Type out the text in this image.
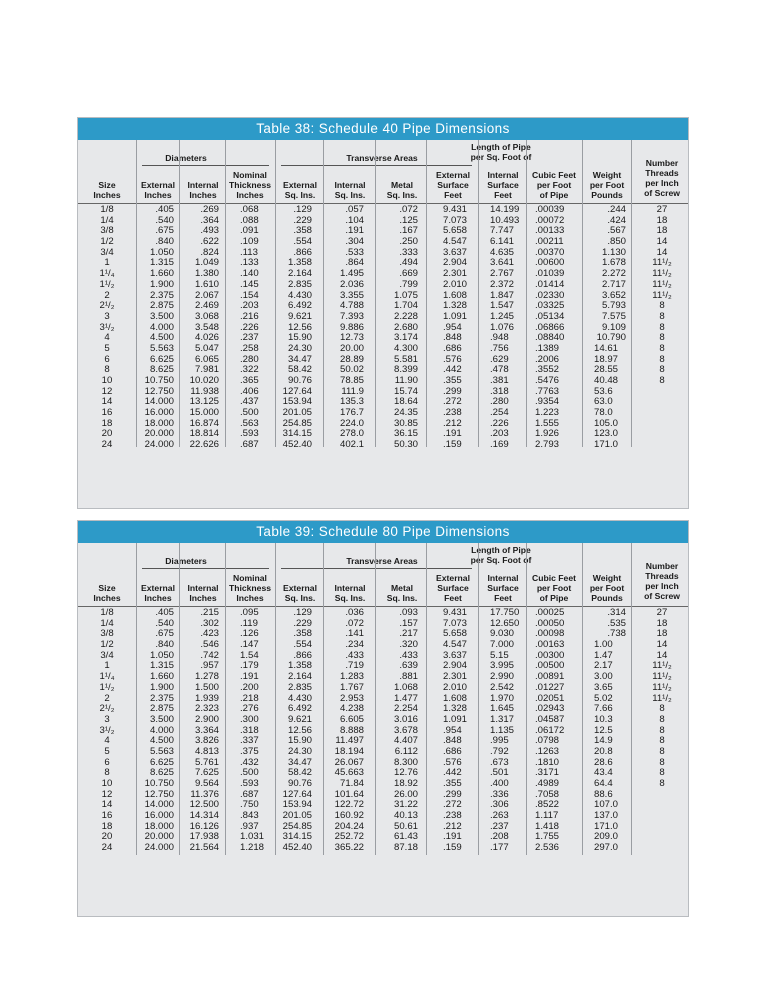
Table 38: Schedule 40 Pipe Dimensions
Diameters	Transverse Areas
Length of Pipe
per Sq. Foot of
Size
Inches
External
Inches
Internal
Inches
Nominal
Thickness
Inches
External
Sq. Ins.
Internal
Sq. Ins.
Metal
Sq. Ins.
External
Surface
Feet
Internal
Surface
Feet
Cubic Feet
per Foot
of Pipe
Weight
per Foot
Pounds
Number
Threads
per Inch
of Screw
1/8
1/4
3/8
1/2
3/4
1
1¹/₄
1¹/₂
2
2¹/₂
3
3¹/₂
4
5
6
8
10
12
14
16
18
20
24
.405
.540
.675
.840
1.050
1.315
1.660
1.900
2.375
2.875
3.500
4.000
4.500
5.563
6.625
8.625
10.750
12.750
14.000
16.000
18.000
20.000
24.000
.269
.364
.493
.622
.824
1.049
1.380
1.610
2.067
2.469
3.068
3.548
4.026
5.047
6.065
7.981
10.020
11.938
13.125
15.000
16.874
18.814
22.626
.068
.088
.091
.109
.113
.133
.140
.145
.154
.203
.216
.226
.237
.258
.280
.322
.365
.406
.437
.500
.563
.593
.687
.129
.229
.358
.554
.866
1.358
2.164
2.835
4.430
6.492
9.621
12.56
15.90
24.30
34.47
58.42
90.76
127.64
153.94
201.05
254.85
314.15
452.40
.057
.104
.191
.304
.533
.864
1.495
2.036
3.355
4.788
7.393
9.886
12.73
20.00
28.89
50.02
78.85
111.9
135.3
176.7
224.0
278.0
402.1
.072
.125
.167
.250
.333
.494
.669
.799
1.075
1.704
2.228
2.680
3.174
4.300
5.581
8.399
11.90
15.74
18.64
24.35
30.85
36.15
50.30
9.431
7.073
5.658
4.547
3.637
2.904
2.301
2.010
1.608
1.328
1.091
.954
.848
.686
.576
.442
.355
.299
.272
.238
.212
.191
.159
14.199
10.493
7.747
6.141
4.635
3.641
2.767
2.372
1.847
1.547
1.245
1.076
.948
.756
.629
.478
.381
.318
.280
.254
.226
.203
.169
.00039
.00072
.00133
.00211
.00370
.00600
.01039
.01414
.02330
.03325
.05134
.06866
.08840
.1389
.2006
.3552
.5476
.7763
.9354
1.223
1.555
1.926
2.793
.244
.424
.567
.850
1.130
1.678
2.272
2.717
3.652
5.793
7.575
9.109
10.790
14.61
18.97
28.55
40.48
53.6
63.0
78.0
105.0
123.0
171.0
27
18
18
14
14
11¹/₂
11¹/₂
11¹/₂
11¹/₂
8
8
8
8
8
8
8
8
Table 39: Schedule 80 Pipe Dimensions
Diameters	Transverse Areas
Length of Pipe
per Sq. Foot of
Size
Inches
External
Inches
Internal
Inches
Nominal
Thickness
Inches
External
Sq. Ins.
Internal
Sq. Ins.
Metal
Sq. Ins.
External
Surface
Feet
Internal
Surface
Feet
Cubic Feet
per Foot
of Pipe
Weight
per Foot
Pounds
Number
Threads
per Inch
of Screw
1/8
1/4
3/8
1/2
3/4
1
1¹/₄
1¹/₂
2
2¹/₂
3
3¹/₂
4
5
6
8
10
12
14
16
18
20
24
.405
.540
.675
.840
1.050
1.315
1.660
1.900
2.375
2.875
3.500
4.000
4.500
5.563
6.625
8.625
10.750
12.750
14.000
16.000
18.000
20.000
24.000
.215
.302
.423
.546
.742
.957
1.278
1.500
1.939
2.323
2.900
3.364
3.826
4.813
5.761
7.625
9.564
11.376
12.500
14.314
16.126
17.938
21.564
.095
.119
.126
.147
1.54
.179
.191
.200
.218
.276
.300
.318
.337
.375
.432
.500
.593
.687
.750
.843
.937
1.031
1.218
.129
.229
.358
.554
.866
1.358
2.164
2.835
4.430
6.492
9.621
12.56
15.90
24.30
34.47
58.42
90.76
127.64
153.94
201.05
254.85
314.15
452.40
.036
.072
.141
.234
.433
.719
1.283
1.767
2.953
4.238
6.605
8.888
11.497
18.194
26.067
45.663
71.84
101.64
122.72
160.92
204.24
252.72
365.22
.093
.157
.217
.320
.433
.639
.881
1.068
1.477
2.254
3.016
3.678
4.407
6.112
8.300
12.76
18.92
26.00
31.22
40.13
50.61
61.43
87.18
9.431
7.073
5.658
4.547
3.637
2.904
2.301
2.010
1.608
1.328
1.091
.954
.848
.686
.576
.442
.355
.299
.272
.238
.212
.191
.159
17.750
12.650
9.030
7.000
5.15
3.995
2.990
2.542
1.970
1.645
1.317
1.135
.995
.792
.673
.501
.400
.336
.306
.263
.237
.208
.177
.00025
.00050
.00098
.00163
.00300
.00500
.00891
.01227
.02051
.02943
.04587
.06172
.0798
.1263
.1810
.3171
.4989
.7058
.8522
1.117
1.418
1.755
2.536
.314
.535
.738
1.00
1.47
2.17
3.00
3.65
5.02
7.66
10.3
12.5
14.9
20.8
28.6
43.4
64.4
88.6
107.0
137.0
171.0
209.0
297.0
27
18
18
14
14
11¹/₂
11¹/₂
11¹/₂
11¹/₂
8
8
8
8
8
8
8
8
